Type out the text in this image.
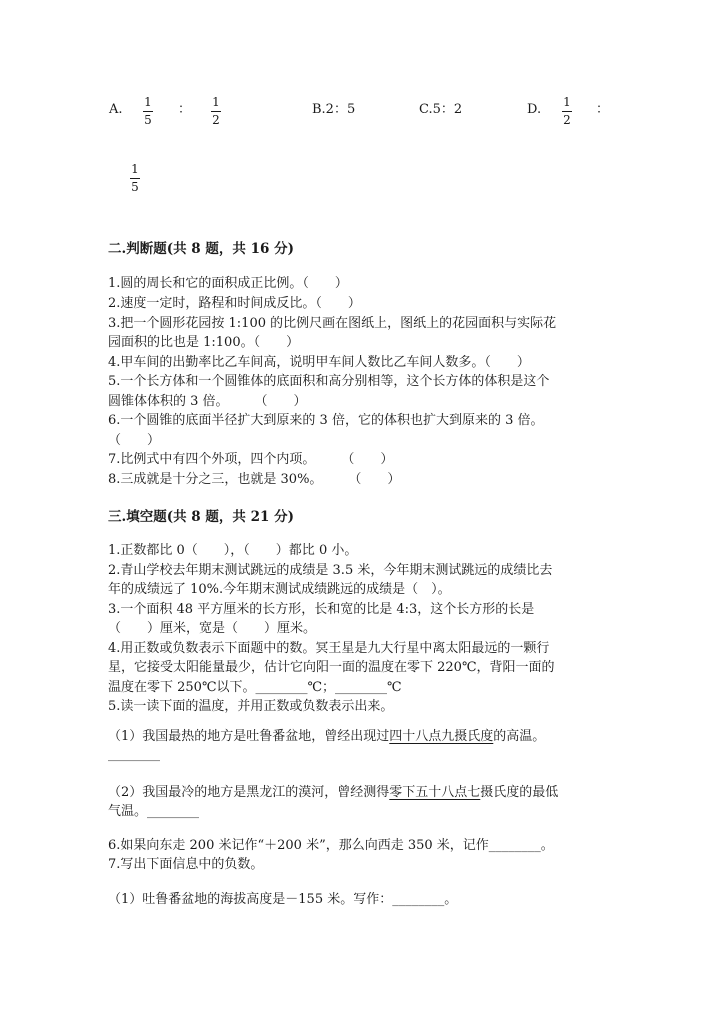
A. 1
5
： 1
2
B.2：5	C.5：2	D. 1
2
：
1
5
二.判断题(共 8 题，共 16 分)
1.圆的周长和它的面积成正比例。（　　）
2.速度一定时，路程和时间成反比。（　　）
3.把一个圆形花园按 1:100 的比例尺画在图纸上，图纸上的花园面积与实际花
园面积的比也是 1:100。（　　）
4.甲车间的出勤率比乙车间高，说明甲车间人数比乙车间人数多。（　　）
5.一个长方体和一个圆锥体的底面积和高分别相等，这个长方体的体积是这个
圆锥体体积的 3 倍。　　　（　　）
6.一个圆锥的底面半径扩大到原来的 3 倍，它的体积也扩大到原来的 3 倍。
（　　）
7.比例式中有四个外项，四个内项。　　　（　　）
8.三成就是十分之三，也就是 30%。　　　（　　）
三.填空题(共 8 题，共 21 分)
1.正数都比 0（　　），（　　）都比 0 小。
2.青山学校去年期末测试跳远的成绩是 3.5 米，今年期末测试跳远的成绩比去
年的成绩远了 10%.今年期末测试成绩跳远的成绩是（　）。
3.一个面积 48 平方厘米的长方形，长和宽的比是 4:3，这个长方形的长是
（　　）厘米，宽是（　　）厘米。
4.用正数或负数表示下面题中的数。冥王星是九大行星中离太阳最远的一颗行
星，它接受太阳能量最少，估计它向阳一面的温度在零下 220℃，背阳一面的
温度在零下 250℃以下。________℃；________℃
5.读一读下面的温度，并用正数或负数表示出来。
（1）我国最热的地方是吐鲁番盆地，曾经出现过四十八点九摄氏度的高温。
________
（2）我国最冷的地方是黑龙江的漠河，曾经测得零下五十八点七摄氏度的最低
气温。________
6.如果向东走 200 米记作“＋200 米”，那么向西走 350 米，记作________。
7.写出下面信息中的负数。
（1）吐鲁番盆地的海拔高度是－155 米。写作：________。
